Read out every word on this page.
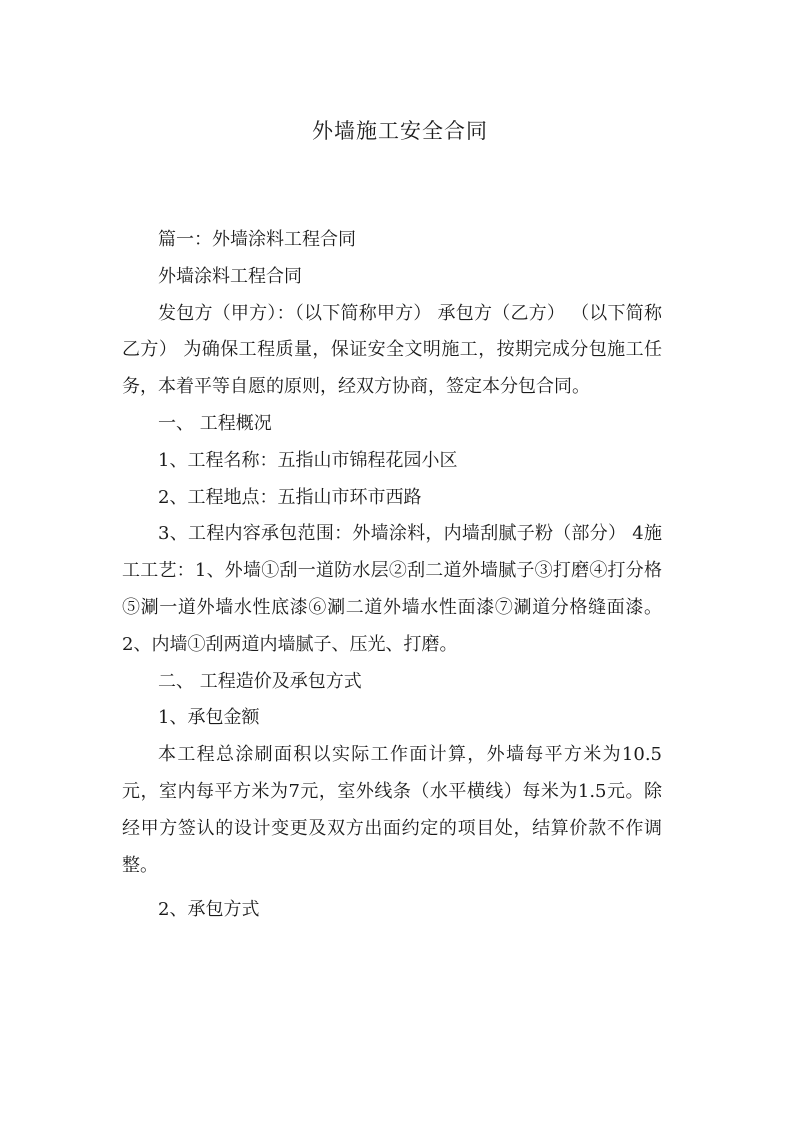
外墙施工安全合同

篇一：外墙涂料工程合同

外墙涂料工程合同

发包方（甲方）：（以下简称甲方） 承包方（乙方） （以下简称乙方） 为确保工程质量，保证安全文明施工，按期完成分包施工任务，本着平等自愿的原则，经双方协商，签定本分包合同。

一、 工程概况

1、工程名称：五指山市锦程花园小区

2、工程地点：五指山市环市西路

3、工程内容承包范围：外墙涂料，内墙刮腻子粉（部分） 4施工工艺：1、外墙①刮一道防水层②刮二道外墙腻子③打磨④打分格⑤涮一道外墙水性底漆⑥涮二道外墙水性面漆⑦涮道分格缝面漆。2、内墙①刮两道内墙腻子、压光、打磨。

二、 工程造价及承包方式

1、承包金额

本工程总涂刷面积以实际工作面计算，外墙每平方米为10.5元，室内每平方米为7元，室外线条（水平横线）每米为1.5元。除经甲方签认的设计变更及双方出面约定的项目处，结算价款不作调整。

2、承包方式
